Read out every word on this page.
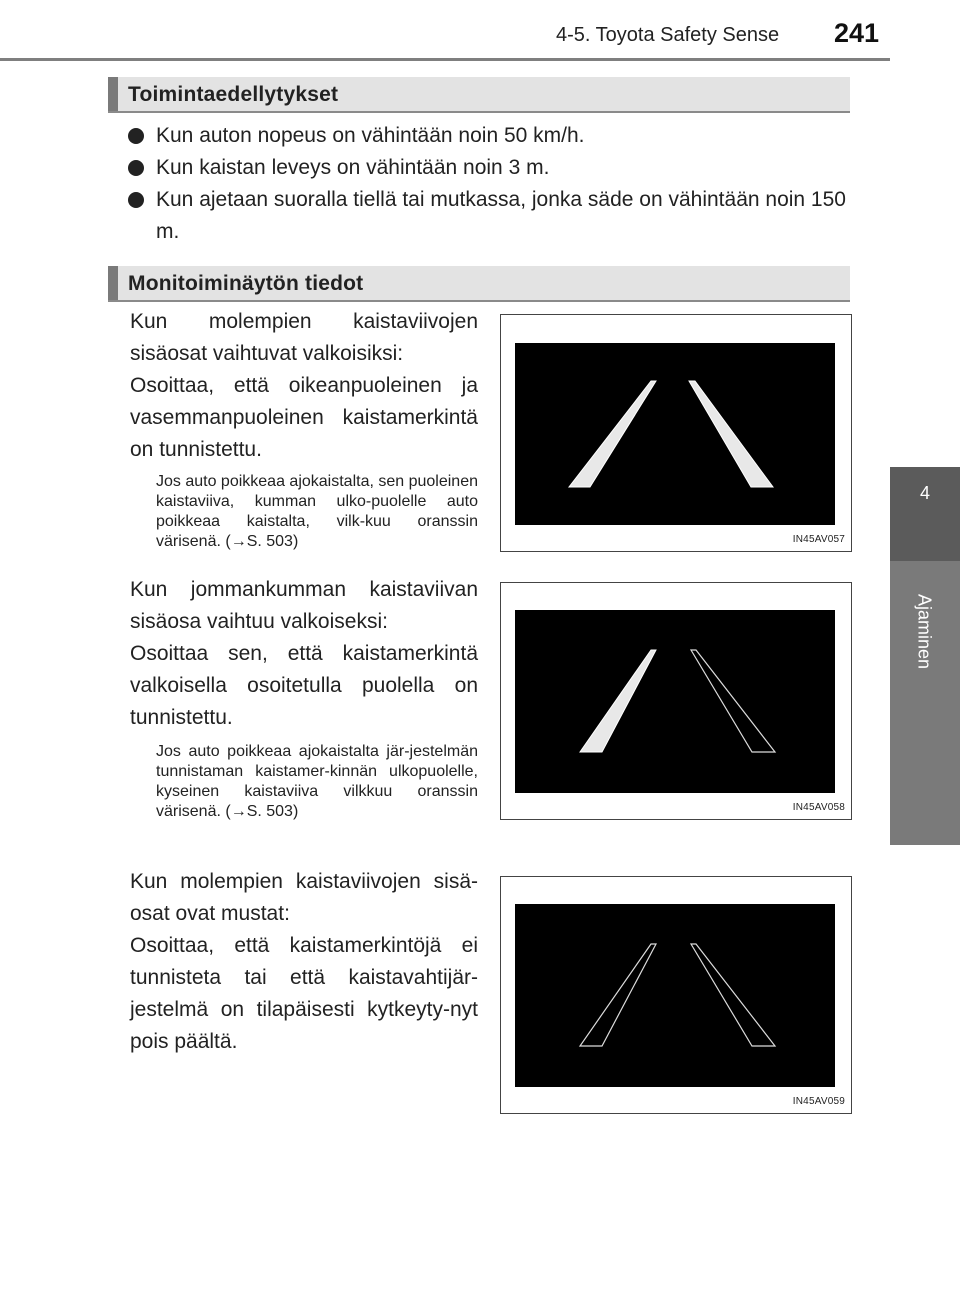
4-5. Toyota Safety Sense 241
4
Ajaminen
Toimintaedellytykset
Kun auton nopeus on vähintään noin 50 km/h.
Kun kaistan leveys on vähintään noin 3 m.
Kun ajetaan suoralla tiellä tai mutkassa, jonka säde on vähintään noin 150 m.
Monitoiminäytön tiedot
Kun molempien kaistaviivojen sisäosat vaihtuvat valkoisiksi:
Osoittaa, että oikeanpuoleinen ja vasemmanpuoleinen kaistamerkintä on tunnistettu.
Jos auto poikkeaa ajokaistalta, sen puoleinen kaistaviiva, kumman ulko-puolelle auto poikkeaa kaistalta, vilk-kuu oranssin värisenä. (→S. 503)	IN45AV057
Kun jommankumman kaistaviivan sisäosa vaihtuu valkoiseksi:
Osoittaa sen, että kaistamerkintä valkoisella osoitetulla puolella on tunnistettu.
Jos auto poikkeaa ajokaistalta jär-jestelmän tunnistaman kaistamer-kinnän ulkopuolelle, kyseinen kaistaviiva vilkkuu oranssin värisenä. (→S. 503)	IN45AV058
Kun molempien kaistaviivojen sisä-osat ovat mustat:
Osoittaa, että kaistamerkintöjä ei tunnisteta tai että kaistavahtijär-jestelmä on tilapäisesti kytkeyty-nyt pois päältä.
IN45AV059
